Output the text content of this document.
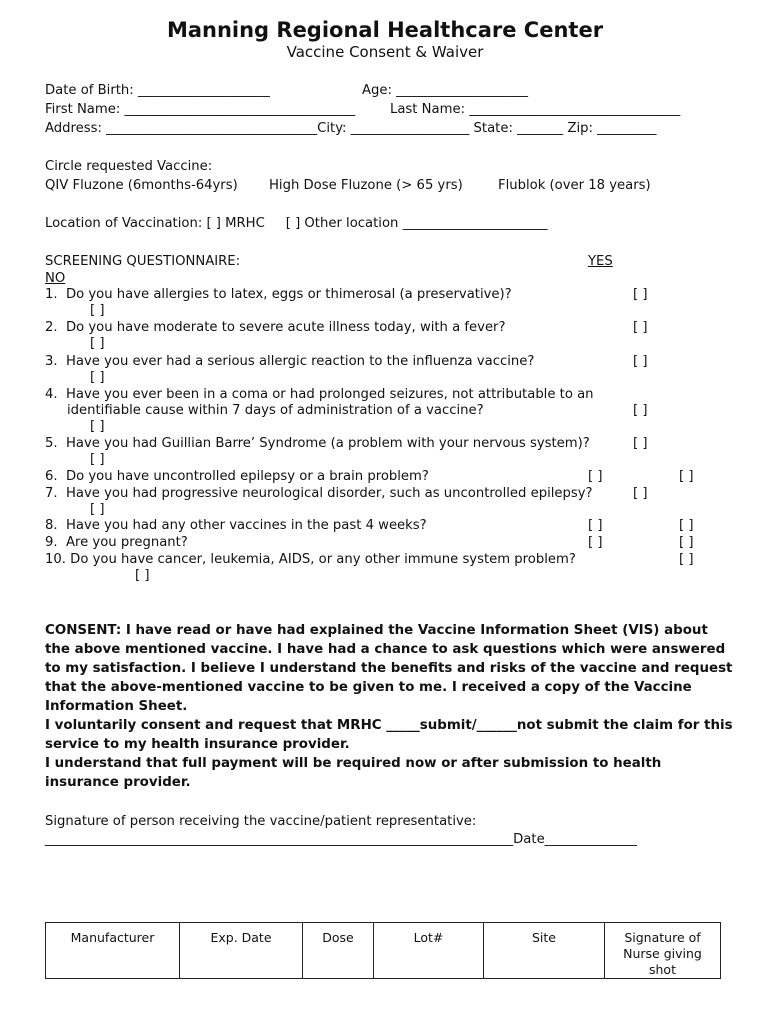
Manning Regional Healthcare Center
Vaccine Consent & Waiver
Date of Birth: ____________________	Age: ____________________
First Name: ___________________________________	Last Name: ________________________________
Address: ________________________________City: __________________ State: _______ Zip: _________
Circle requested Vaccine:
QIV Fluzone (6months-64yrs) High Dose Fluzone (> 65 yrs)	Flublok (over 18 years)
Location of Vaccination: [ ] MRHC     [ ] Other location ______________________
SCREENING QUESTIONNAIRE:	YES
NO
1.  Do you have allergies to latex, eggs or thimerosal (a preservative)?	[ ]
[ ]
2.  Do you have moderate to severe acute illness today, with a fever?	[ ]
[ ]
3.  Have you ever had a serious allergic reaction to the influenza vaccine?	[ ]
[ ]
4.  Have you ever been in a coma or had prolonged seizures, not attributable to an
identifiable cause within 7 days of administration of a vaccine?	[ ]
[ ]
5.  Have you had Guillian Barre’ Syndrome (a problem with your nervous system)?	[ ]
[ ]
6.  Do you have uncontrolled epilepsy or a brain problem?	[ ]	[ ]
7.  Have you had progressive neurological disorder, such as uncontrolled epilepsy?	[ ]
[ ]
8.  Have you had any other vaccines in the past 4 weeks?	[ ]	[ ]
9.  Are you pregnant?	[ ]	[ ]
10. Do you have cancer, leukemia, AIDS, or any other immune system problem?	[ ]
[ ]
CONSENT: I have read or have had explained the Vaccine Information Sheet (VIS) about the above mentioned vaccine. I have had a chance to ask questions which were answered to my satisfaction. I believe I understand the benefits and risks of the vaccine and request that the above-mentioned vaccine to be given to me. I received a copy of the Vaccine Information Sheet.
I voluntarily consent and request that MRHC _____submit/______not submit the claim for this service to my health insurance provider.
I understand that full payment will be required now or after submission to health insurance provider.
Signature of person receiving the vaccine/patient representative:
_______________________________________________________________________Date______________
Manufacturer	Exp. Date	Dose	Lot#	Site	Signature of Nurse giving shot
